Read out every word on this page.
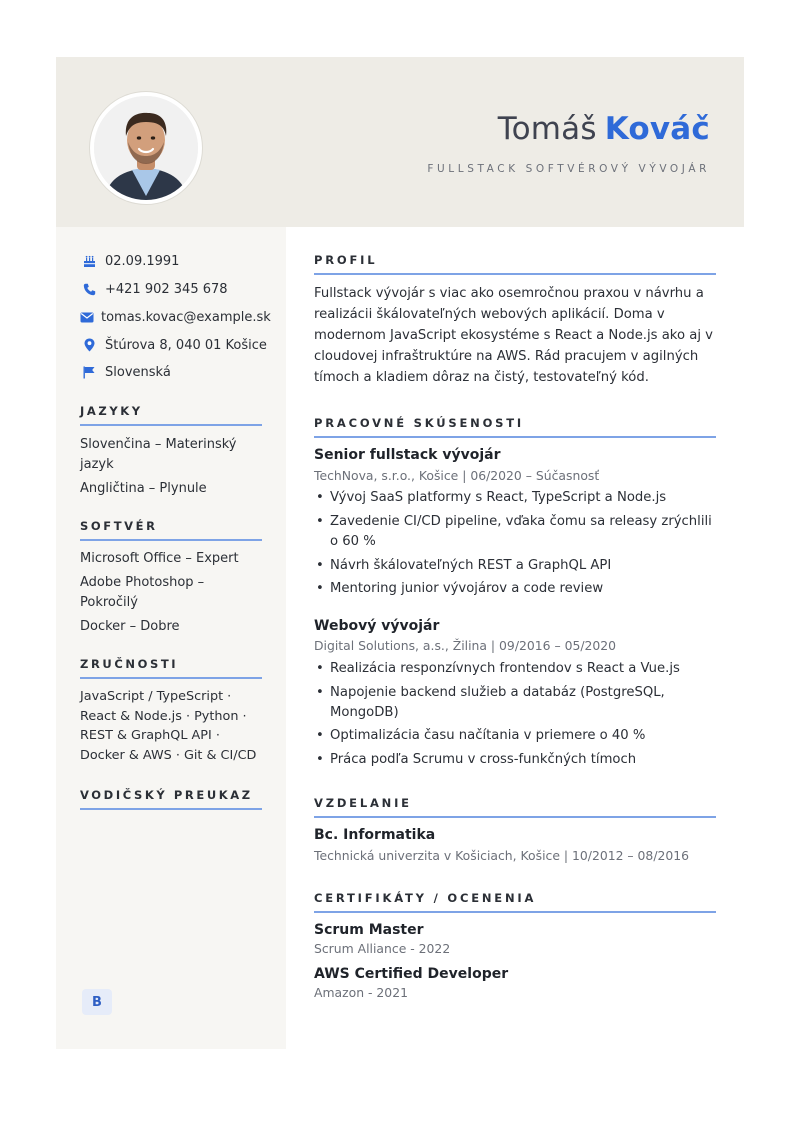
Tomáš Kováč
FULLSTACK SOFTVÉROVÝ VÝVOJÁR
02.09.1991
+421 902 345 678
tomas.kovac@example.sk
Štúrova 8, 040 01 Košice
Slovenská
JAZYKY
Slovenčina – Materinský jazyk
Angličtina – Plynule
SOFTVÉR
Microsoft Office – Expert
Adobe Photoshop – Pokročilý
Docker – Dobre
ZRUČNOSTI
JavaScript / TypeScript · React & Node.js · Python · REST & GraphQL API · Docker & AWS · Git & CI/CD
VODIČSKÝ PREUKAZ
B
PROFIL
Fullstack vývojár s viac ako osemročnou praxou v návrhu a realizácii škálovateľných webových aplikácií. Doma v modernom JavaScript ekosystéme s React a Node.js ako aj v cloudovej infraštruktúre na AWS. Rád pracujem v agilných tímoch a kladiem dôraz na čistý, testovateľný kód.
PRACOVNÉ SKÚSENOSTI
Senior fullstack vývojár
TechNova, s.r.o., Košice | 06/2020 – Súčasnosť
• Vývoj SaaS platformy s React, TypeScript a Node.js
• Zavedenie CI/CD pipeline, vďaka čomu sa releasy zrýchlili o 60 %
• Návrh škálovateľných REST a GraphQL API
• Mentoring junior vývojárov a code review
Webový vývojár
Digital Solutions, a.s., Žilina | 09/2016 – 05/2020
• Realizácia responzívnych frontendov s React a Vue.js
• Napojenie backend služieb a databáz (PostgreSQL, MongoDB)
• Optimalizácia času načítania v priemere o 40 %
• Práca podľa Scrumu v cross-funkčných tímoch
VZDELANIE
Bc. Informatika
Technická univerzita v Košiciach, Košice | 10/2012 – 08/2016
CERTIFIKÁTY / OCENENIA
Scrum Master
Scrum Alliance - 2022
AWS Certified Developer
Amazon - 2021
